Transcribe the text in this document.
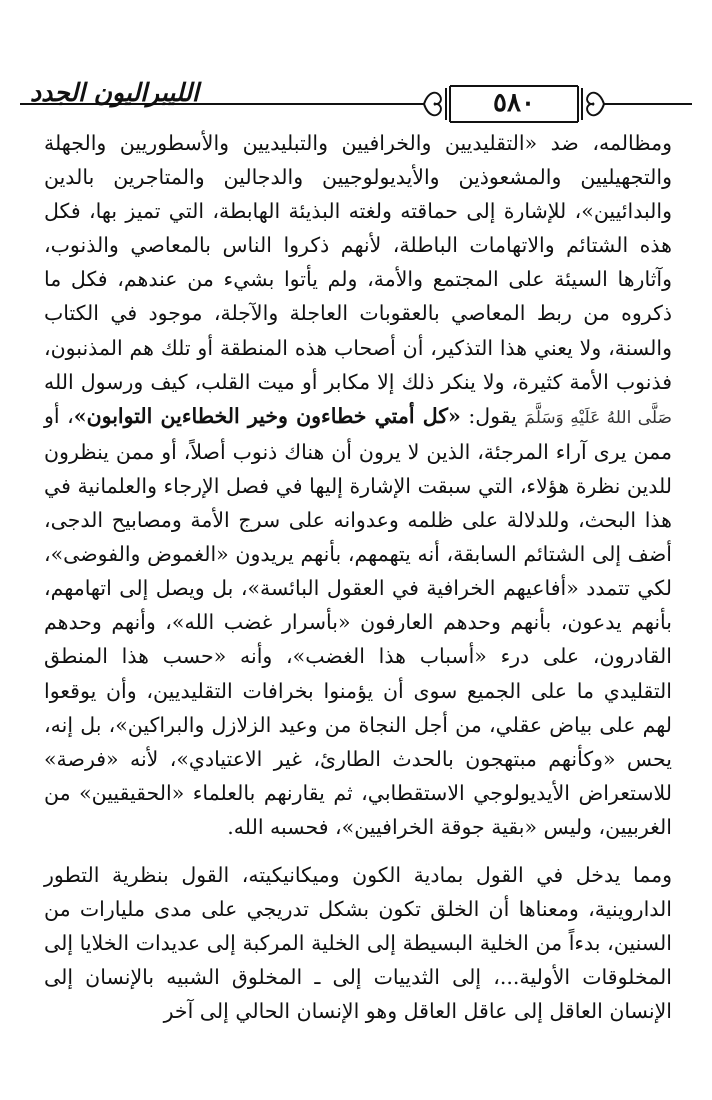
٥٨٠
الليبراليون الجدد

ومظالمه، ضد «التقليديين والخرافيين والتبليديين والأسطوريين والجهلة والتجهيليين والمشعوذين والأيديولوجيين والدجالين والمتاجرين بالدين والبدائيين»، للإشارة إلى حماقته ولغته البذيئة الهابطة، التي تميز بها، فكل هذه الشتائم والاتهامات الباطلة، لأنهم ذكروا الناس بالمعاصي والذنوب، وآثارها السيئة على المجتمع والأمة، ولم يأتوا بشيء من عندهم، فكل ما ذكروه من ربط المعاصي بالعقوبات العاجلة والآجلة، موجود في الكتاب والسنة، ولا يعني هذا التذكير، أن أصحاب هذه المنطقة أو تلك هم المذنبون، فذنوب الأمة كثيرة، ولا ينكر ذلك إلا مكابر أو ميت القلب، كيف ورسول الله صَلَّى اللهُ عَلَيْهِ وَسَلَّمَ يقول: «كل أمتي خطاءون وخير الخطاءين التوابون»، أو ممن يرى آراء المرجئة، الذين لا يرون أن هناك ذنوب أصلاً، أو ممن ينظرون للدين نظرة هؤلاء، التي سبقت الإشارة إليها في فصل الإرجاء والعلمانية في هذا البحث، وللدلالة على ظلمه وعدوانه على سرج الأمة ومصابيح الدجى، أضف إلى الشتائم السابقة، أنه يتهمهم، بأنهم يريدون «الغموض والفوضى»، لكي تتمدد «أفاعيهم الخرافية في العقول البائسة»، بل ويصل إلى اتهامهم، بأنهم يدعون، بأنهم وحدهم العارفون «بأسرار غضب الله»، وأنهم وحدهم القادرون، على درء «أسباب هذا الغضب»، وأنه «حسب هذا المنطق التقليدي ما على الجميع سوى أن يؤمنوا بخرافات التقليديين، وأن يوقعوا لهم على بياض عقلي، من أجل النجاة من وعيد الزلازل والبراكين»، بل إنه، يحس «وكأنهم مبتهجون بالحدث الطارئ، غير الاعتيادي»، لأنه «فرصة» للاستعراض الأيديولوجي الاستقطابي، ثم يقارنهم بالعلماء «الحقيقيين» من الغربيين، وليس «بقية جوقة الخرافيين»، فحسبه الله.

ومما يدخل في القول بمادية الكون وميكانيكيته، القول بنظرية التطور الداروينية، ومعناها أن الخلق تكون بشكل تدريجي على مدى مليارات من السنين، بدءاً من الخلية البسيطة إلى الخلية المركبة إلى عديدات الخلايا إلى المخلوقات الأولية...، إلى الثدييات إلى ـ المخلوق الشبيه بالإنسان إلى الإنسان العاقل إلى عاقل العاقل وهو الإنسان الحالي إلى آخر
